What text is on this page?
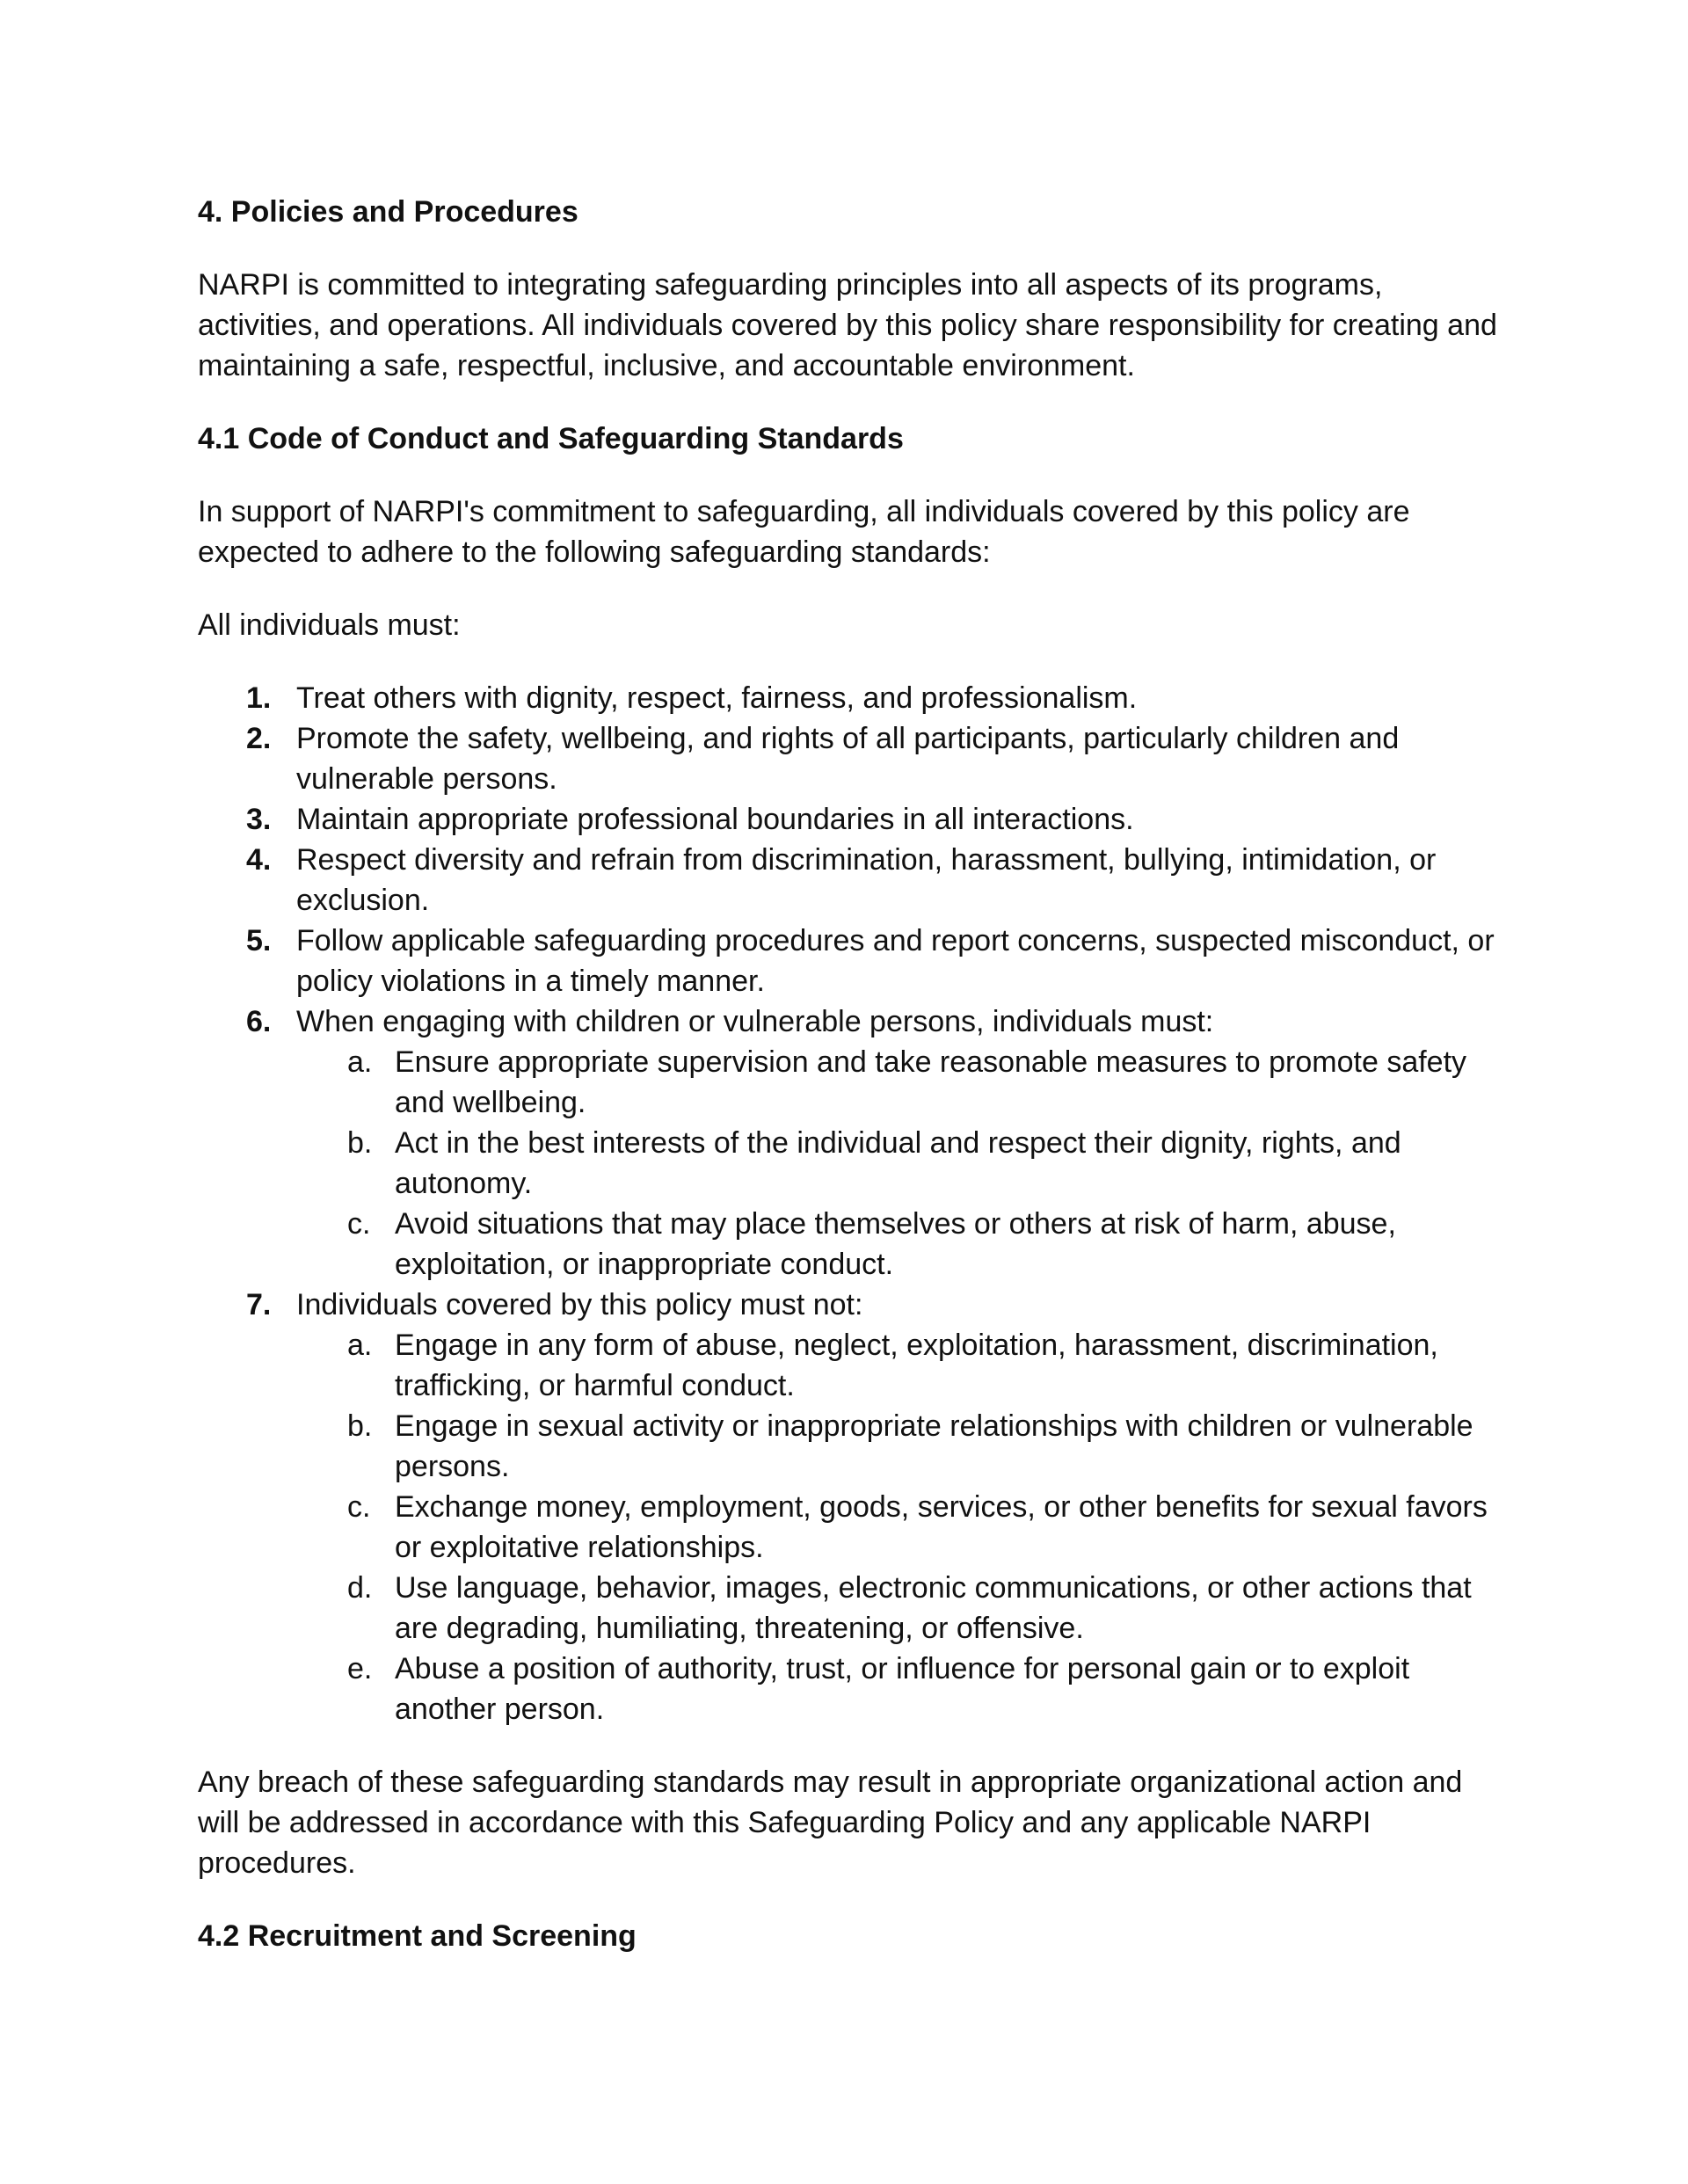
4. Policies and Procedures

NARPI is committed to integrating safeguarding principles into all aspects of its programs, activities, and operations. All individuals covered by this policy share responsibility for creating and maintaining a safe, respectful, inclusive, and accountable environment.

4.1 Code of Conduct and Safeguarding Standards

In support of NARPI's commitment to safeguarding, all individuals covered by this policy are expected to adhere to the following safeguarding standards:

All individuals must:

1. Treat others with dignity, respect, fairness, and professionalism.
2. Promote the safety, wellbeing, and rights of all participants, particularly children and vulnerable persons.
3. Maintain appropriate professional boundaries in all interactions.
4. Respect diversity and refrain from discrimination, harassment, bullying, intimidation, or exclusion.
5. Follow applicable safeguarding procedures and report concerns, suspected misconduct, or policy violations in a timely manner.
6. When engaging with children or vulnerable persons, individuals must:
a. Ensure appropriate supervision and take reasonable measures to promote safety and wellbeing.
b. Act in the best interests of the individual and respect their dignity, rights, and autonomy.
c. Avoid situations that may place themselves or others at risk of harm, abuse, exploitation, or inappropriate conduct.
7. Individuals covered by this policy must not:
a. Engage in any form of abuse, neglect, exploitation, harassment, discrimination, trafficking, or harmful conduct.
b. Engage in sexual activity or inappropriate relationships with children or vulnerable persons.
c. Exchange money, employment, goods, services, or other benefits for sexual favors or exploitative relationships.
d. Use language, behavior, images, electronic communications, or other actions that are degrading, humiliating, threatening, or offensive.
e. Abuse a position of authority, trust, or influence for personal gain or to exploit another person.

Any breach of these safeguarding standards may result in appropriate organizational action and will be addressed in accordance with this Safeguarding Policy and any applicable NARPI procedures.

4.2 Recruitment and Screening
